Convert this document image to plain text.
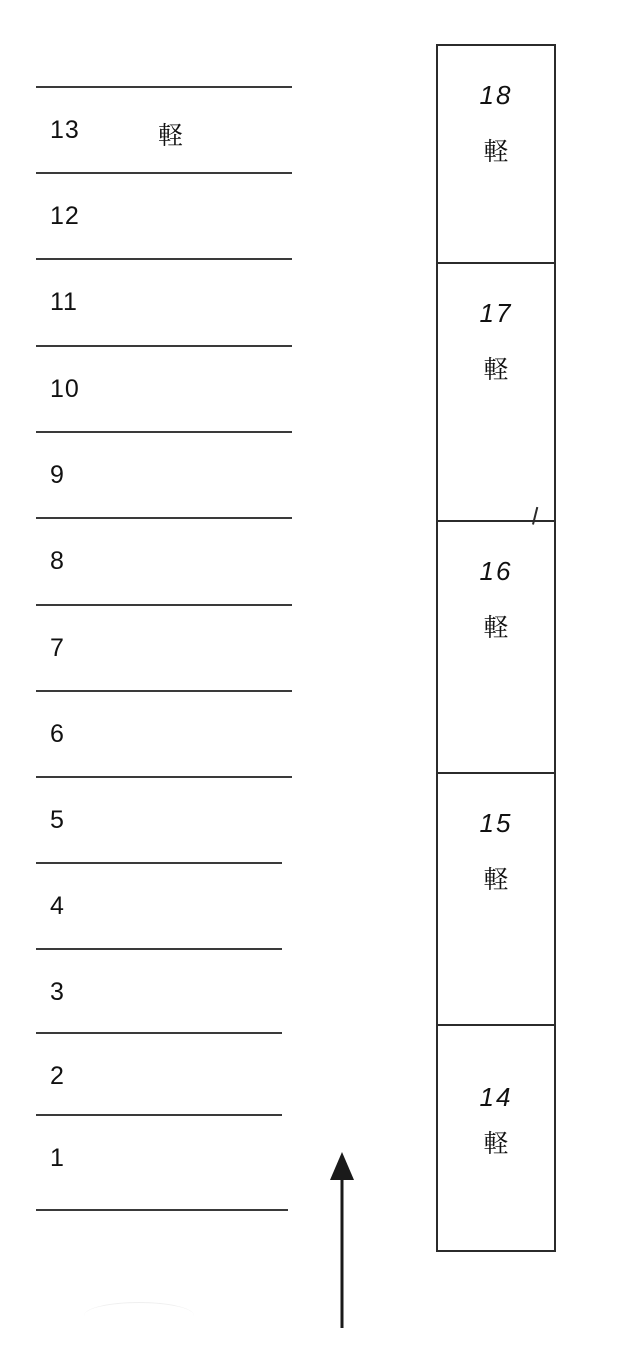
13	軽
12
11
10
9
8
7
6
5
4
3
2
1
18
軽
17
軽
16
軽
15
軽
14
軽
